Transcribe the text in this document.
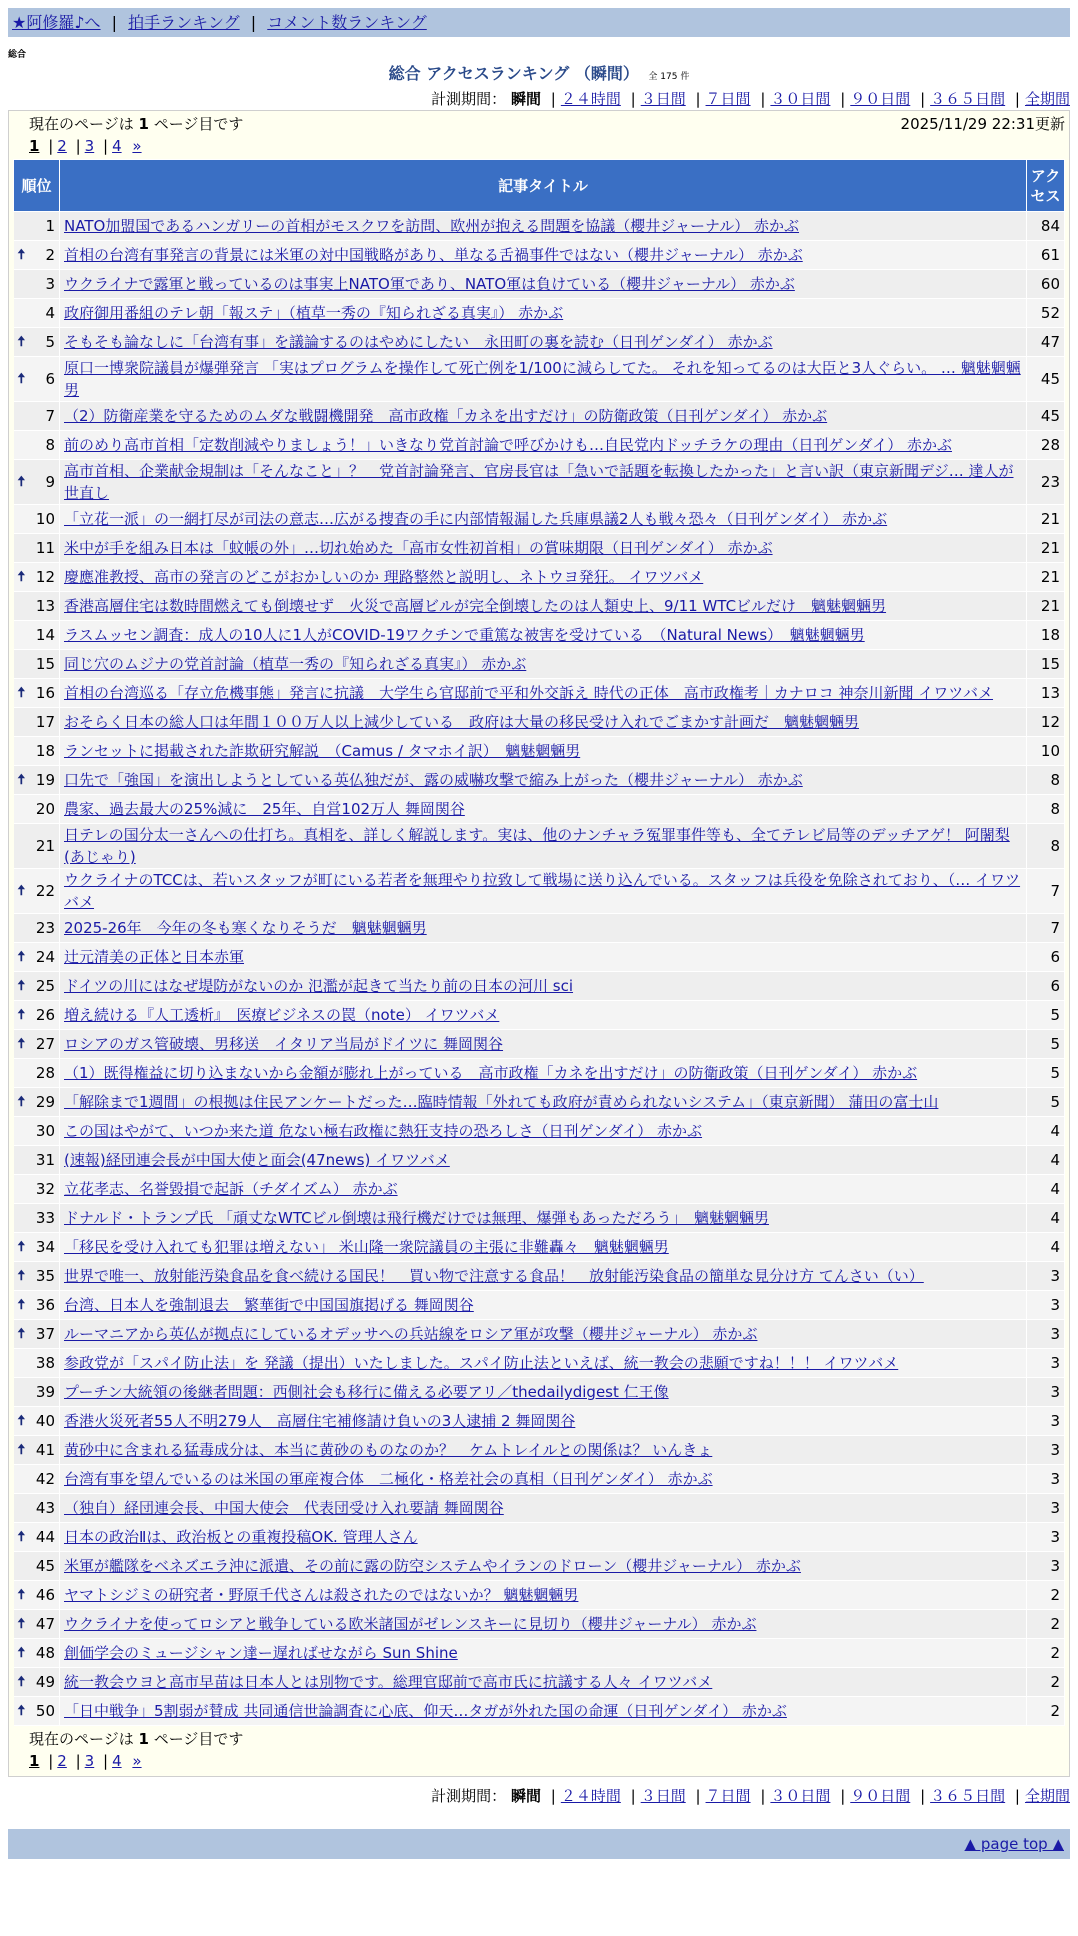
★阿修羅♪へ | 拍手ランキング | コメント数ランキング
総合
総合 アクセスランキング （瞬間） 全 175 件
計測期間： 瞬間 | ２４時間 | ３日間 | ７日間 | ３０日間 | ９０日間 | ３６５日間 | 全期間
現在のページは 1 ページ目です	2025/11/29 22:31更新
1 | 2 | 3 | 4 »
順位	記事タイトル	アクセス
1	NATO加盟国であるハンガリーの首相がモスクワを訪問、欧州が抱える問題を協議（櫻井ジャーナル） 赤かぶ	84

🠅 2	首相の台湾有事発言の背景には米軍の対中国戦略があり、単なる舌禍事件ではない（櫻井ジャーナル） 赤かぶ	61
3	ウクライナで露軍と戦っているのは事実上NATO軍であり、NATO軍は負けている（櫻井ジャーナル） 赤かぶ	60
4	政府御用番組のテレ朝「報ステ」（植草一秀の『知られざる真実』） 赤かぶ	52

🠅 5	そもそも論なしに「台湾有事」を議論するのはやめにしたい　永田町の裏を読む（日刊ゲンダイ） 赤かぶ	47

🠅 6	原口一博衆院議員が爆弾発言 「実はプログラムを操作して死亡例を1/100に減らしてた。 それを知ってるのは大臣と3人ぐらい。 … 魑魅魍魎男	45
7	（2）防衛産業を守るためのムダな戦闘機開発　高市政権「カネを出すだけ」の防衛政策（日刊ゲンダイ） 赤かぶ	45
8	前のめり高市首相「定数削減やりましょう！」いきなり党首討論で呼びかけも…自民党内ドッチラケの理由（日刊ゲンダイ） 赤かぶ	28

🠅 9	高市首相、企業献金規制は「そんなこと」？　党首討論発言、官房長官は「急いで話題を転換したかった」と言い訳（東京新聞デジ… 達人が世直し	23
10	「立花一派」の一網打尽が司法の意志…広がる捜査の手に内部情報漏した兵庫県議2人も戦々恐々（日刊ゲンダイ） 赤かぶ	21
11	米中が手を組み日本は「蚊帳の外」…切れ始めた「高市女性初首相」の賞味期限（日刊ゲンダイ） 赤かぶ	21

🠅 12	慶應准教授、高市の発言のどこがおかしいのか 理路整然と説明し、ネトウヨ発狂。 イワツバメ	21
13	香港高層住宅は数時間燃えても倒壊せず　火災で高層ビルが完全倒壊したのは人類史上、9/11 WTCビルだけ　魑魅魍魎男	21
14	ラスムッセン調査：成人の10人に1人がCOVID-19ワクチンで重篤な被害を受けている　（Natural News）　魑魅魍魎男	18
15	同じ穴のムジナの党首討論（植草一秀の『知られざる真実』） 赤かぶ	15

🠅 16	首相の台湾巡る「存立危機事態」発言に抗議　大学生ら官邸前で平和外交訴え 時代の正体　高市政権考｜カナロコ 神奈川新聞 イワツバメ	13
17	おそらく日本の総人口は年間１００万人以上減少している　政府は大量の移民受け入れでごまかす計画だ　魑魅魍魎男	12
18	ランセットに掲載された詐欺研究解説　（Camus / タマホイ訳）　魑魅魍魎男	10

🠅 19	口先で「強国」を演出しようとしている英仏独だが、露の威嚇攻撃で縮み上がった（櫻井ジャーナル） 赤かぶ	8
20	農家、過去最大の25%減に　25年、自営102万人 舞岡関谷	8
21	日テレの国分太一さんへの仕打ち。真相を、詳しく解説します。実は、他のナンチャラ冤罪事件等も、全てテレビ局等のデッチアゲ！ 阿闍梨(あじゃり)	8

🠅 22	ウクライナのTCCは、若いスタッフが町にいる若者を無理やり拉致して戦場に送り込んでいる。スタッフは兵役を免除されており、（… イワツバメ	7
23	2025-26年　今年の冬も寒くなりそうだ　魑魅魍魎男	7

🠅 24	辻元清美の正体と日本赤軍	6

🠅 25	ドイツの川にはなぜ堤防がないのか 氾濫が起きて当たり前の日本の河川 sci	6

🠅 26	増え続ける『人工透析』　医療ビジネスの罠（note） イワツバメ	5

🠅 27	ロシアのガス管破壊、男移送　イタリア当局がドイツに 舞岡関谷	5
28	（1）既得権益に切り込まないから金額が膨れ上がっている　高市政権「カネを出すだけ」の防衛政策（日刊ゲンダイ） 赤かぶ	5

🠅 29	「解除まで1週間」の根拠は住民アンケートだった…臨時情報「外れても政府が責められないシステム」（東京新聞） 蒲田の富士山	5
30	この国はやがて、いつか来た道 危ない極右政権に熱狂支持の恐ろしさ（日刊ゲンダイ） 赤かぶ	4
31	(速報)経団連会長が中国大使と面会(47news) イワツバメ	4
32	立花孝志、名誉毀損で起訴（チダイズム） 赤かぶ	4
33	ドナルド・トランプ氏 「頑丈なWTCビル倒壊は飛行機だけでは無理、爆弾もあっただろう」　魑魅魍魎男	4

🠅 34	「移民を受け入れても犯罪は増えない」 米山隆一衆院議員の主張に非難轟々　魑魅魍魎男	4

🠅 35	世界で唯一、放射能汚染食品を食べ続ける国民！　買い物で注意する食品！　放射能汚染食品の簡単な見分け方 てんさい（い）	3

🠅 36	台湾、日本人を強制退去　繁華街で中国国旗掲げる 舞岡関谷	3

🠅 37	ルーマニアから英仏が拠点にしているオデッサへの兵站線をロシア軍が攻撃（櫻井ジャーナル） 赤かぶ	3
38	参政党が「スパイ防止法」を 発議（提出）いたしました。スパイ防止法といえば、統一教会の悲願ですね！！！ イワツバメ	3
39	プーチン大統領の後継者問題：西側社会も移行に備える必要アリ／thedailydigest 仁王像	3

🠅 40	香港火災死者55人不明279人　高層住宅補修請け負いの3人逮捕 2 舞岡関谷	3

🠅 41	黄砂中に含まれる猛毒成分は、本当に黄砂のものなのか？　ケムトレイルとの関係は？ いんきょ	3
42	台湾有事を望んでいるのは米国の軍産複合体　二極化・格差社会の真相（日刊ゲンダイ） 赤かぶ	3
43	（独自）経団連会長、中国大使会　代表団受け入れ要請 舞岡関谷	3

🠅 44	日本の政治Ⅱは、政治板との重複投稿OK. 管理人さん	3
45	米軍が艦隊をベネズエラ沖に派遣、その前に露の防空システムやイランのドローン（櫻井ジャーナル） 赤かぶ	3

🠅 46	ヤマトシジミの研究者・野原千代さんは殺されたのではないか？ 魑魅魍魎男	2

🠅 47	ウクライナを使ってロシアと戦争している欧米諸国がゼレンスキーに見切り（櫻井ジャーナル） 赤かぶ	2

🠅 48	創価学会のミュージシャン達ー遅ればせながら Sun Shine	2

🠅 49	統一教会ウヨと高市早苗は日本人とは別物です。総理官邸前で高市氏に抗議する人々 イワツバメ	2

🠅 50	「日中戦争」5割弱が賛成 共同通信世論調査に心底、仰天…タガが外れた国の命運（日刊ゲンダイ） 赤かぶ	2
現在のページは 1 ページ目です
1 | 2 | 3 | 4 »
計測期間： 瞬間 | ２４時間 | ３日間 | ７日間 | ３０日間 | ９０日間 | ３６５日間 | 全期間
▲ page top ▲
